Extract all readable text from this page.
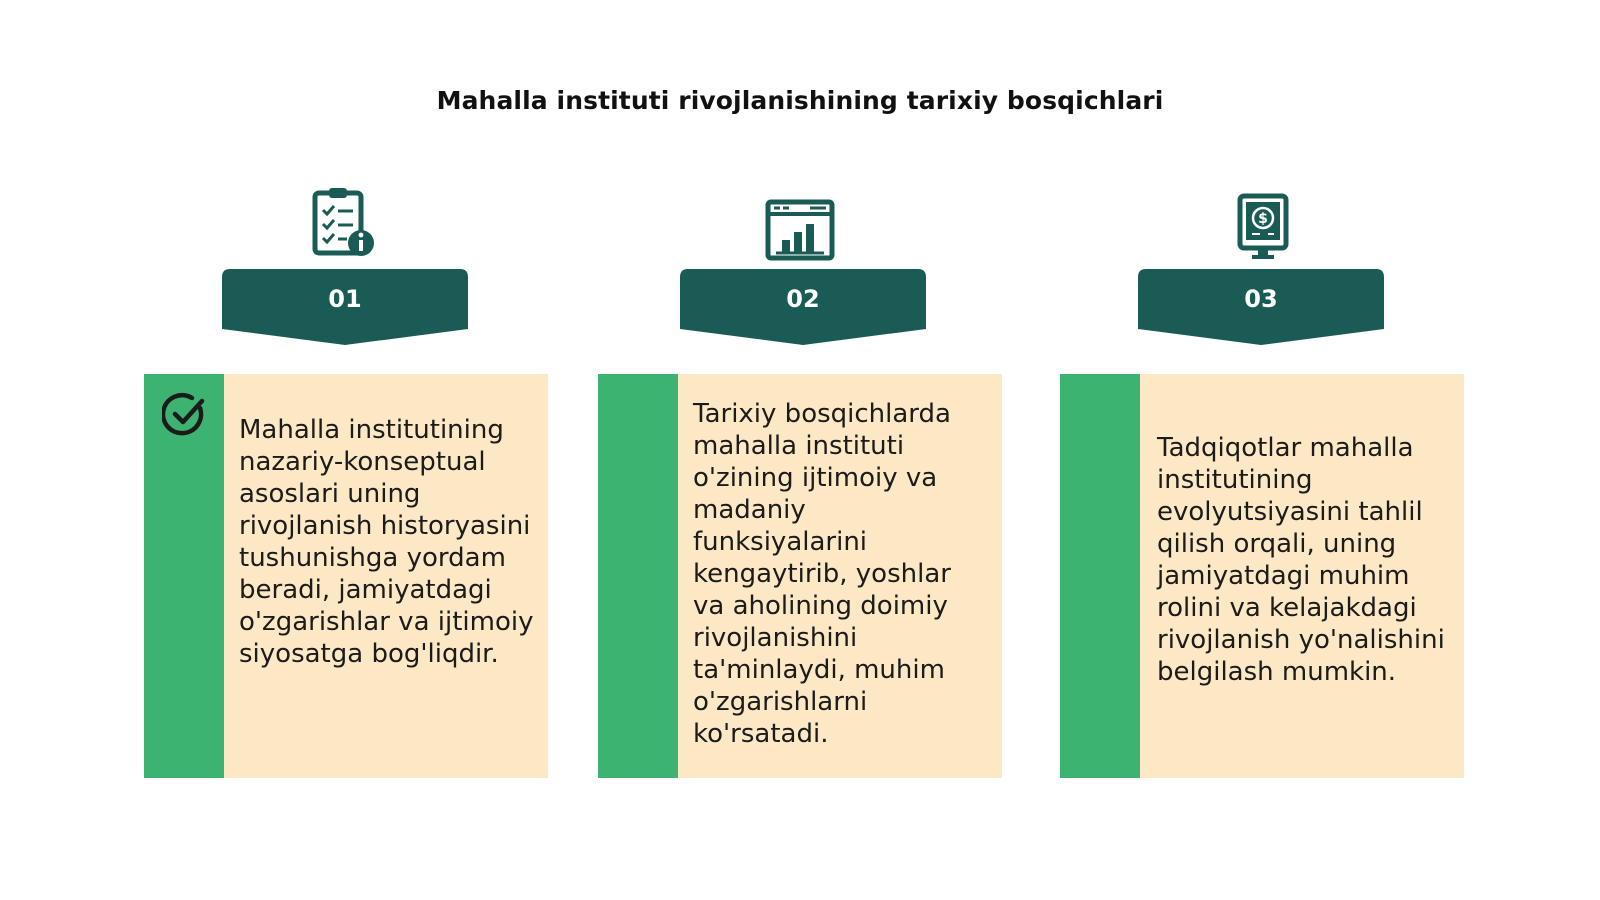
Mahalla instituti rivojlanishining tarixiy bosqichlari
$
01	02	03
Mahalla institutining nazariy-konseptual asoslari uning rivojlanish historyasini tushunishga yordam beradi, jamiyatdagi o'zgarishlar va ijtimoiy siyosatga bog'liqdir.
Tarixiy bosqichlarda mahalla instituti o'zining ijtimoiy va madaniy funksiyalarini kengaytirib, yoshlar va aholining doimiy rivojlanishini ta'minlaydi, muhim o'zgarishlarni ko'rsatadi.
Tadqiqotlar mahalla institutining evolyutsiyasini tahlil qilish orqali, uning jamiyatdagi muhim rolini va kelajakdagi rivojlanish yo'nalishini belgilash mumkin.
